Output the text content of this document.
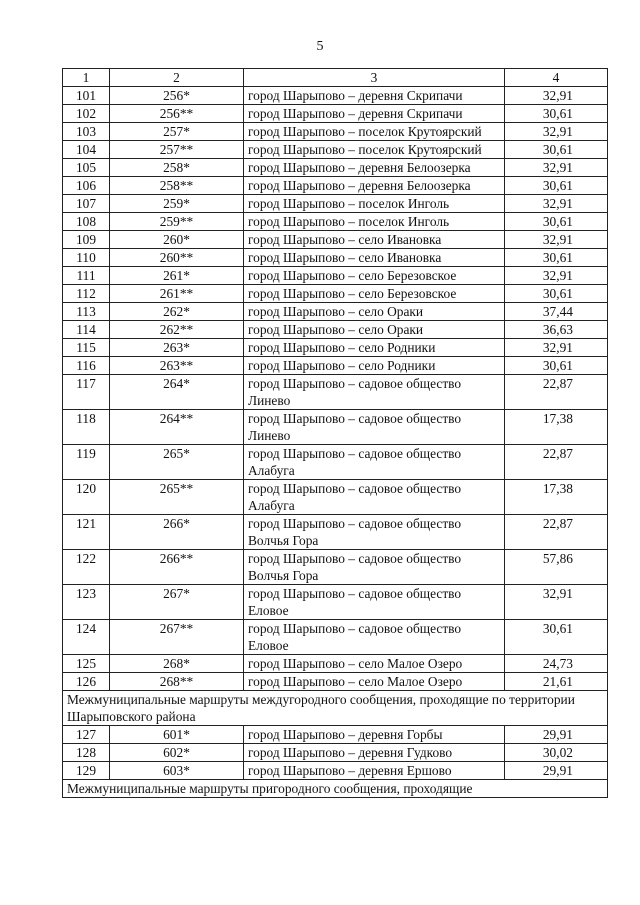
5
1	2	3	4
101	256*	город Шарыпово – деревня Скрипачи	32,91
102	256**	город Шарыпово – деревня Скрипачи	30,61
103	257*	город Шарыпово – поселок Крутоярский	32,91
104	257**	город Шарыпово – поселок Крутоярский	30,61
105	258*	город Шарыпово – деревня Белоозерка	32,91
106	258**	город Шарыпово – деревня Белоозерка	30,61
107	259*	город Шарыпово – поселок Инголь	32,91
108	259**	город Шарыпово – поселок Инголь	30,61
109	260*	город Шарыпово – село Ивановка	32,91
110	260**	город Шарыпово – село Ивановка	30,61
111	261*	город Шарыпово – село Березовское	32,91
112	261**	город Шарыпово – село Березовское	30,61
113	262*	город Шарыпово – село Ораки	37,44
114	262**	город Шарыпово – село Ораки	36,63
115	263*	город Шарыпово – село Родники	32,91
116	263**	город Шарыпово – село Родники	30,61
117	264*	город Шарыпово – садовое общество Линево	22,87
118	264**	город Шарыпово – садовое общество Линево	17,38
119	265*	город Шарыпово – садовое общество Алабуга	22,87
120	265**	город Шарыпово – садовое общество Алабуга	17,38
121	266*	город Шарыпово – садовое общество Волчья Гора	22,87
122	266**	город Шарыпово – садовое общество Волчья Гора	57,86
123	267*	город Шарыпово – садовое общество Еловое	32,91
124	267**	город Шарыпово – садовое общество Еловое	30,61
125	268*	город Шарыпово – село Малое Озеро	24,73
126	268**	город Шарыпово – село Малое Озеро	21,61
Межмуниципальные маршруты междугородного сообщения, проходящие по территории Шарыповского района			
127	601*	город Шарыпово – деревня Горбы	29,91
128	602*	город Шарыпово – деревня Гудково	30,02
129	603*	город Шарыпово – деревня Ершово	29,91
Межмуниципальные маршруты пригородного сообщения, проходящие			
